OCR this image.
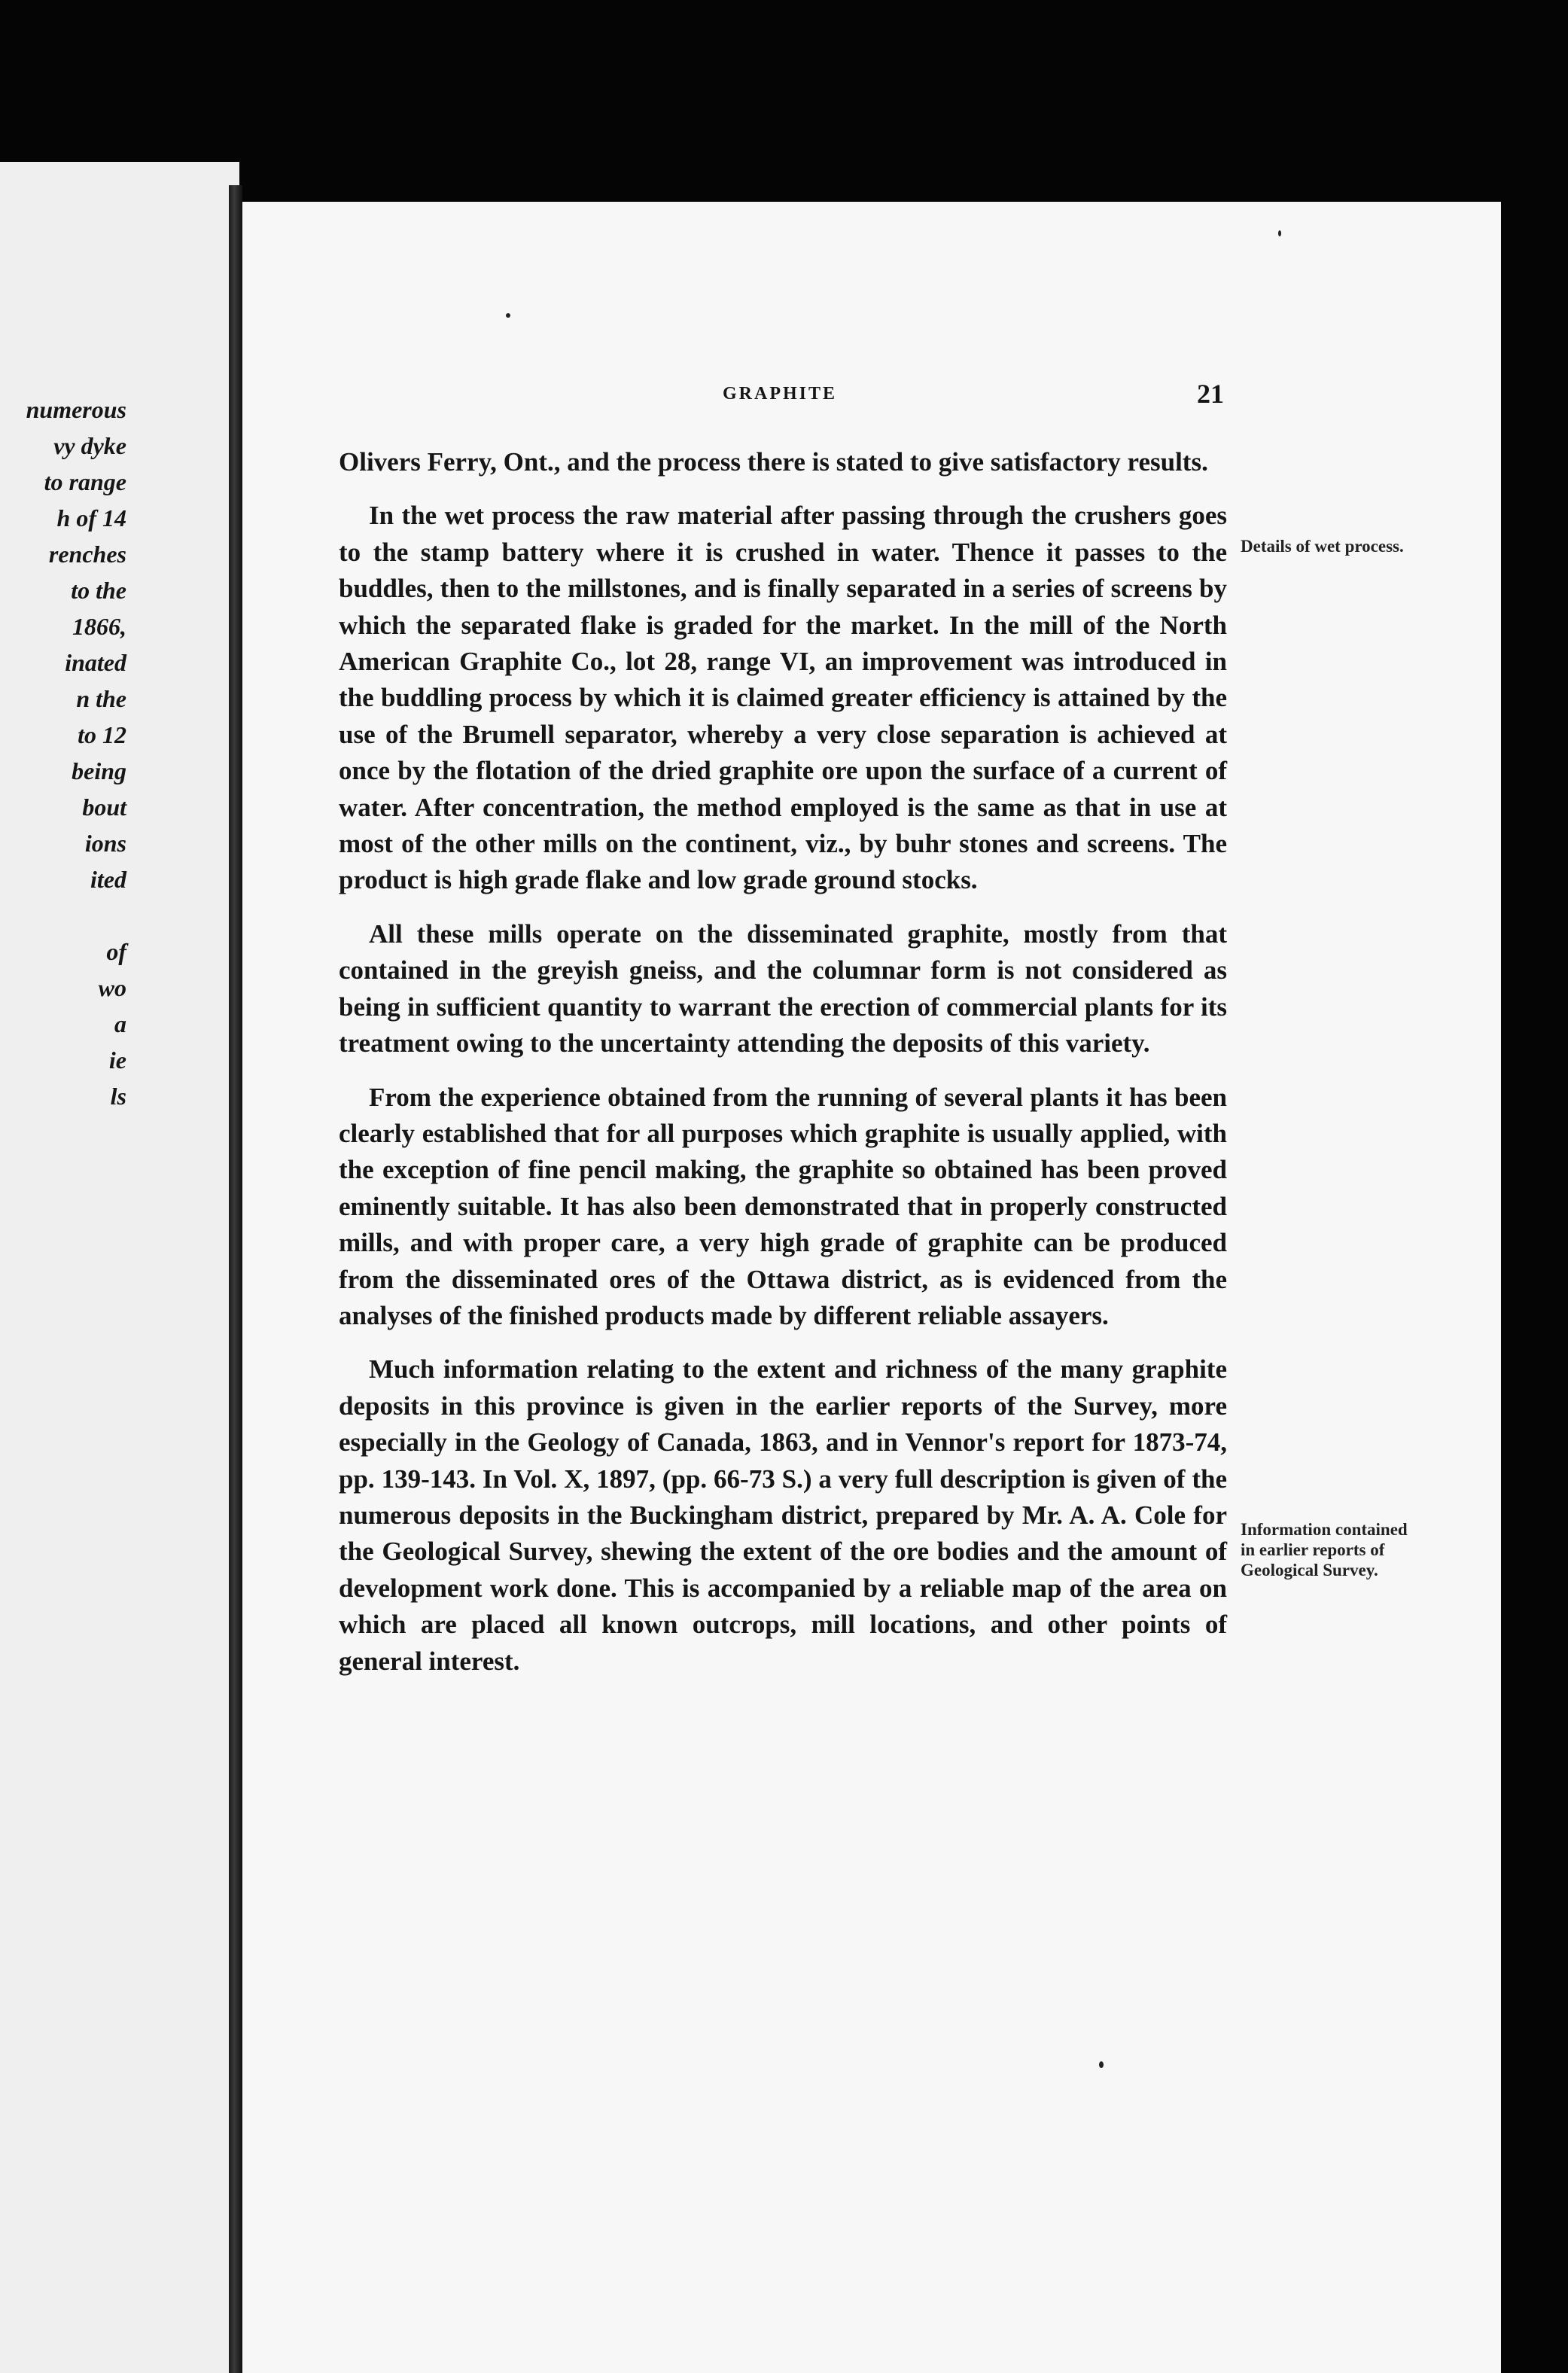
numerous
vy dyke
to range
h of 14
renches
to the
1866,
inated
n the
to 12
being
bout
ions
ited
of
wo
a
ie
ls
GRAPHITE	21

Olivers Ferry, Ont., and the process there is stated to give satisfactory results.

In the wet process the raw material after passing through the crushers goes to the stamp battery where it is crushed in water. Thence it passes to the buddles, then to the millstones, and is finally separated in a series of screens by which the separated flake is graded for the market. In the mill of the North American Graphite Co., lot 28, range VI, an improvement was introduced in the buddling process by which it is claimed greater efficiency is attained by the use of the Brumell separator, whereby a very close separation is achieved at once by the flotation of the dried graphite ore upon the surface of a current of water. After concentration, the method employed is the same as that in use at most of the other mills on the continent, viz., by buhr stones and screens. The product is high grade flake and low grade ground stocks.

All these mills operate on the disseminated graphite, mostly from that contained in the greyish gneiss, and the columnar form is not considered as being in sufficient quantity to warrant the erection of commercial plants for its treatment owing to the uncertainty attending the deposits of this variety.

From the experience obtained from the running of several plants it has been clearly established that for all purposes which graphite is usually applied, with the exception of fine pencil making, the graphite so obtained has been proved eminently suitable. It has also been demonstrated that in properly constructed mills, and with proper care, a very high grade of graphite can be produced from the disseminated ores of the Ottawa district, as is evidenced from the analyses of the finished products made by different reliable assayers.

Much information relating to the extent and richness of the many graphite deposits in this province is given in the earlier reports of the Survey, more especially in the Geology of Canada, 1863, and in Vennor's report for 1873-74, pp. 139-143. In Vol. X, 1897, (pp. 66-73 S.) a very full description is given of the numerous deposits in the Buckingham district, prepared by Mr. A. A. Cole for the Geological Survey, shewing the extent of the ore bodies and the amount of development work done. This is accompanied by a reliable map of the area on which are placed all known outcrops, mill locations, and other points of general interest.

Details of wet process.
Information contained in earlier reports of Geological Survey.
